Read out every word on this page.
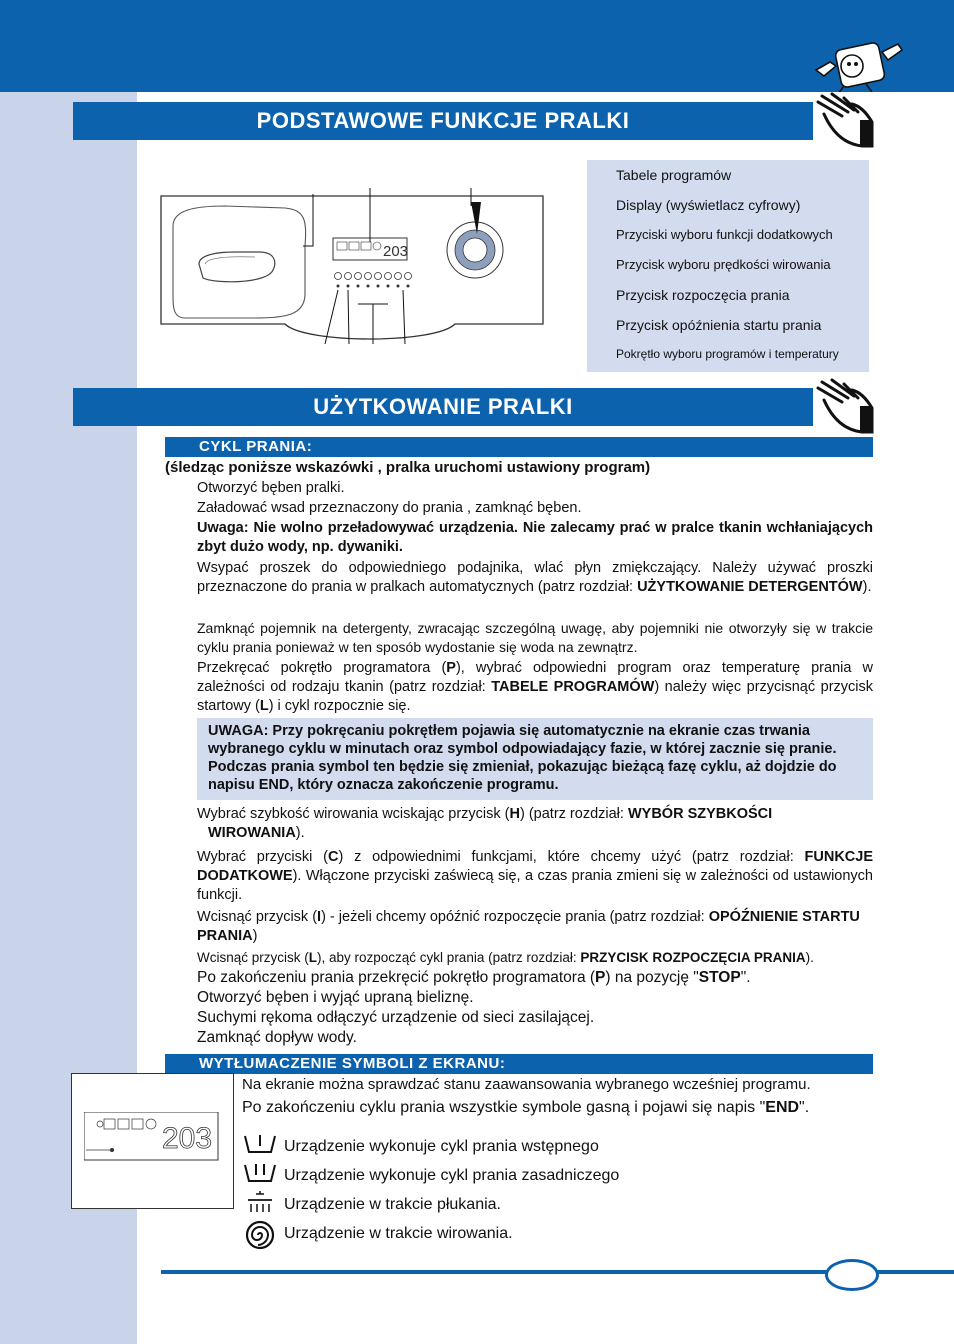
PODSTAWOWE FUNKCJE PRALKI
203
Tabele programów
Display (wyświetlacz cyfrowy)
Przyciski wyboru funkcji dodatkowych
Przycisk wyboru prędkości wirowania
Przycisk rozpoczęcia prania
Przycisk opóźnienia startu prania
Pokrętło wyboru programów i temperatury
UŻYTKOWANIE PRALKI
CYKL PRANIA:
(śledząc poniższe wskazówki , pralka uruchomi ustawiony program)
Otworzyć bęben pralki.
Załadować wsad przeznaczony do prania , zamknąć bęben.
Uwaga: Nie wolno przeładowywać urządzenia. Nie zalecamy prać w pralce tkanin wchłaniających zbyt dużo wody, np. dywaniki.
Wsypać proszek do odpowiedniego podajnika, wlać płyn zmiękczający. Należy używać proszki przeznaczone do prania w pralkach automatycznych (patrz rozdział: UŻYTKOWANIE DETERGENTÓW).
Zamknąć pojemnik na detergenty, zwracając szczególną uwagę, aby pojemniki nie otworzyły się w trakcie cyklu prania ponieważ w ten sposób wydostanie się woda na zewnątrz.
Przekręcać pokrętło programatora (P), wybrać odpowiedni program oraz temperaturę prania w zależności od rodzaju tkanin (patrz rozdział: TABELE PROGRAMÓW) należy więc przycisnąć przycisk startowy (L) i cykl rozpocznie się.

UWAGA: Przy pokręcaniu pokrętłem pojawia się automatycznie na ekranie czas trwania wybranego cyklu w minutach oraz symbol odpowiadający fazie, w której zacznie się pranie. Podczas prania symbol ten będzie się zmieniał, pokazując bieżącą fazę cyklu, aż dojdzie do napisu END, który oznacza zakończenie programu.

Wybrać szybkość wirowania wciskając przycisk (H) (patrz rozdział: WYBÓR SZYBKOŚCI
WIROWANIA).
Wybrać przyciski (C) z odpowiednimi funkcjami, które chcemy użyć (patrz rozdział: FUNKCJE DODATKOWE). Włączone przyciski zaświecą się, a czas prania zmieni się w zależności od ustawionych funkcji.
Wcisnąć przycisk (I) - jeżeli chcemy opóźnić rozpoczęcie prania (patrz rozdział: OPÓŹNIENIE STARTU PRANIA)
Wcisnąć przycisk (L), aby rozpocząć cykl prania (patrz rozdział: PRZYCISK ROZPOCZĘCIA PRANIA).
Po zakończeniu prania przekręcić pokrętło programatora (P) na pozycję "STOP".
Otworzyć bęben i wyjąć upraną bieliznę.
Suchymi rękoma odłączyć urządzenie od sieci zasilającej.
Zamknąć dopływ wody.
WYTŁUMACZENIE SYMBOLI Z EKRANU:
203
Na ekranie można sprawdzać stanu zaawansowania wybranego wcześniej programu.
Po zakończeniu cyklu prania wszystkie symbole gasną i pojawi się napis "END".
Urządzenie wykonuje cykl prania wstępnego
Urządzenie wykonuje cykl prania zasadniczego
Urządzenie w trakcie płukania.
Urządzenie w trakcie wirowania.
